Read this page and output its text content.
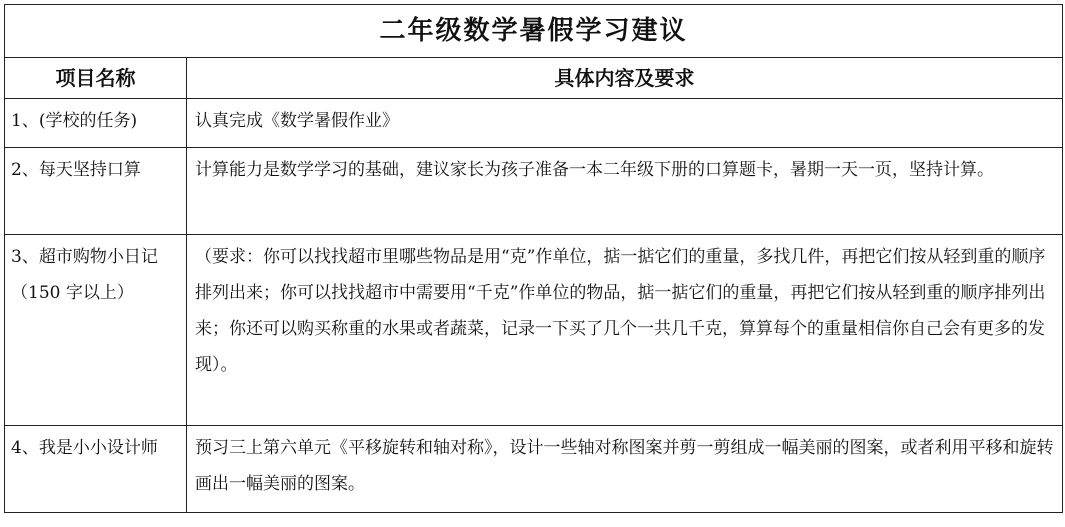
二年级数学暑假学习建议	
项目名称	具体内容及要求
1、(学校的任务)	认真完成《数学暑假作业》
2、每天坚持口算	计算能力是数学学习的基础，建议家长为孩子准备一本二年级下册的口算题卡，暑期一天一页，坚持计算。
3、超市购物小日记（150 字以上）	（要求：你可以找找超市里哪些物品是用“克”作单位，掂一掂它们的重量，多找几件，再把它们按从轻到重的顺序排列出来；你可以找找超市中需要用“千克”作单位的物品，掂一掂它们的重量，再把它们按从轻到重的顺序排列出来；你还可以购买称重的水果或者蔬菜，记录一下买了几个一共几千克，算算每个的重量相信你自己会有更多的发现）。
4、我是小小设计师	预习三上第六单元《平移旋转和轴对称》，设计一些轴对称图案并剪一剪组成一幅美丽的图案，或者利用平移和旋转画出一幅美丽的图案。
